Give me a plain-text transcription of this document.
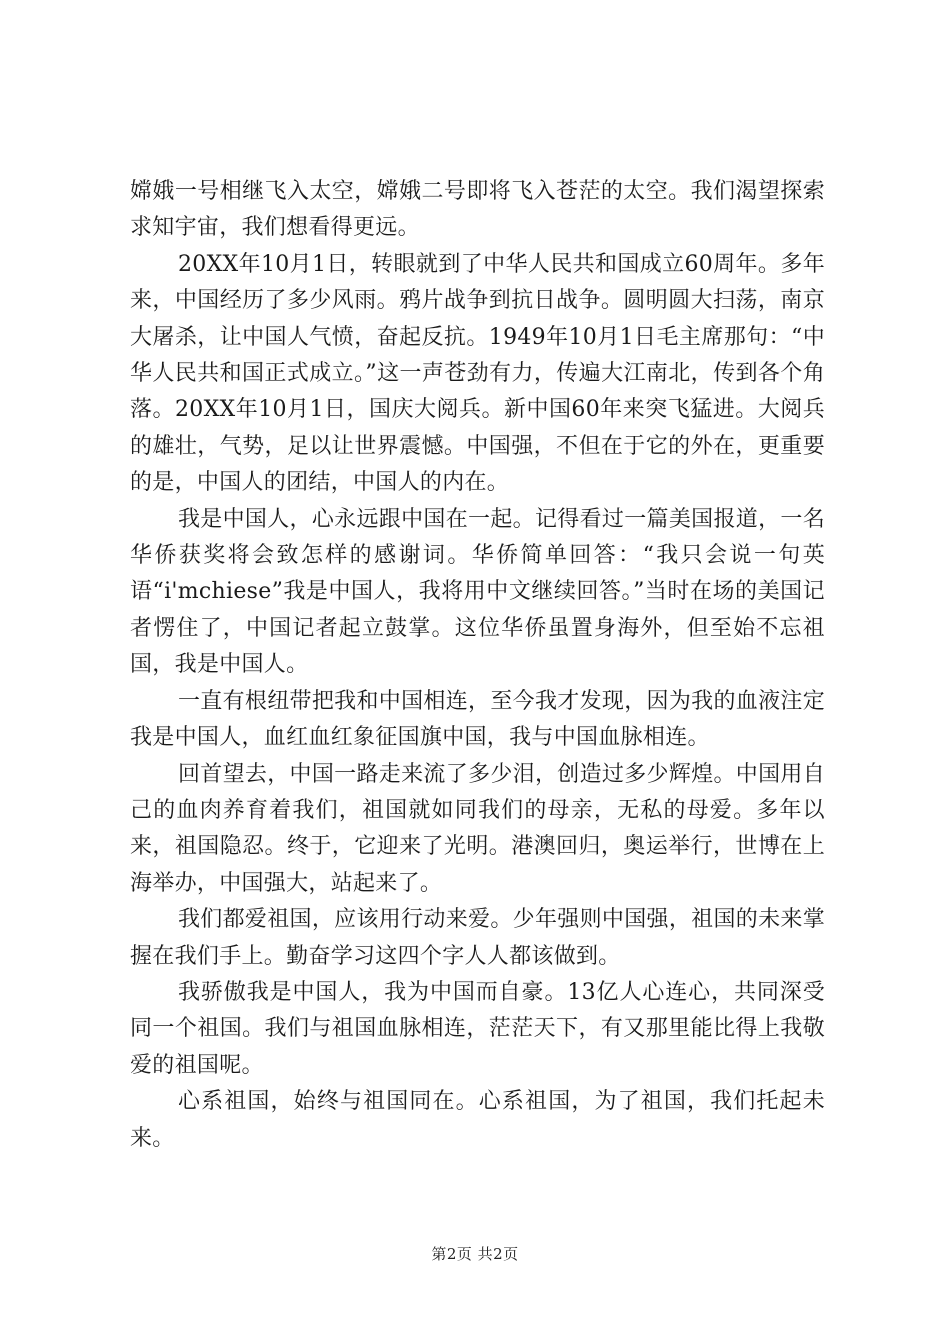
嫦娥一号相继飞入太空，嫦娥二号即将飞入苍茫的太空。我们渴望探索求知宇宙，我们想看得更远。

20XX年10月1日，转眼就到了中华人民共和国成立60周年。多年来，中国经历了多少风雨。鸦片战争到抗日战争。圆明圆大扫荡，南京大屠杀，让中国人气愤，奋起反抗。1949年10月1日毛主席那句：“中华人民共和国正式成立。”这一声苍劲有力，传遍大江南北，传到各个角落。20XX年10月1日，国庆大阅兵。新中国60年来突飞猛进。大阅兵的雄壮，气势，足以让世界震憾。中国强，不但在于它的外在，更重要的是，中国人的团结，中国人的内在。

我是中国人，心永远跟中国在一起。记得看过一篇美国报道，一名华侨获奖将会致怎样的感谢词。华侨简单回答：“我只会说一句英语“i'mchiese”我是中国人，我将用中文继续回答。”当时在场的美国记者愣住了，中国记者起立鼓掌。这位华侨虽置身海外，但至始不忘祖国，我是中国人。

一直有根纽带把我和中国相连，至今我才发现，因为我的血液注定我是中国人，血红血红象征国旗中国，我与中国血脉相连。

回首望去，中国一路走来流了多少泪，创造过多少辉煌。中国用自己的血肉养育着我们，祖国就如同我们的母亲，无私的母爱。多年以来，祖国隐忍。终于，它迎来了光明。港澳回归，奥运举行，世博在上海举办，中国强大，站起来了。

我们都爱祖国，应该用行动来爱。少年强则中国强，祖国的未来掌握在我们手上。勤奋学习这四个字人人都该做到。

我骄傲我是中国人，我为中国而自豪。13亿人心连心，共同深受同一个祖国。我们与祖国血脉相连，茫茫天下，有又那里能比得上我敬爱的祖国呢。

心系祖国，始终与祖国同在。心系祖国，为了祖国，我们托起未来。

第2页 共2页
